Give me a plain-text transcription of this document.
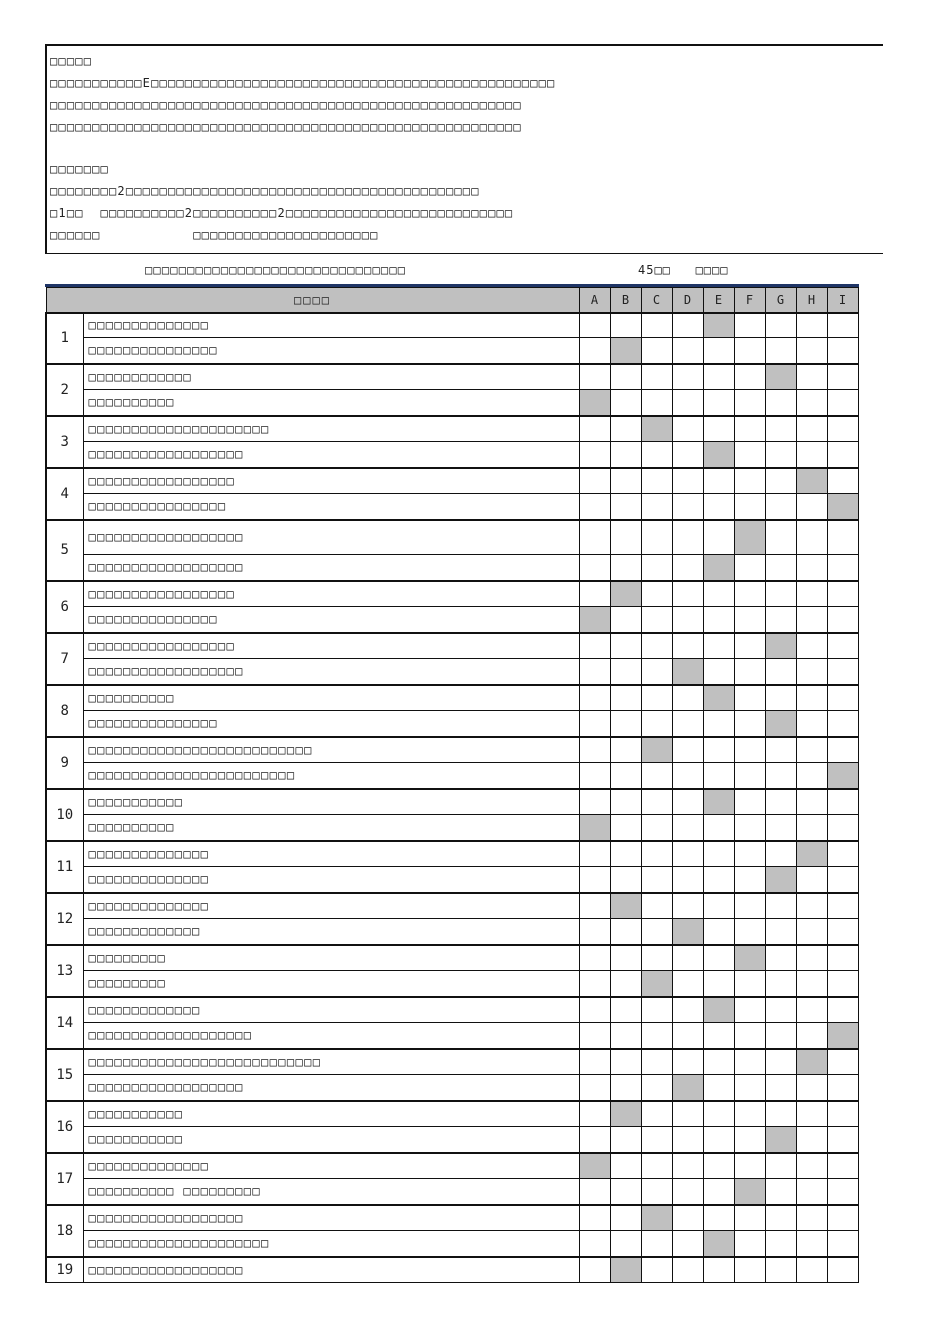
□□□□□
□□□□□□□□□□□E□□□□□□□□□□□□□□□□□□□□□□□□□□□□□□□□□□□□□□□□□□□□□□□□
□□□□□□□□□□□□□□□□□□□□□□□□□□□□□□□□□□□□□□□□□□□□□□□□□□□□□□□□
□□□□□□□□□□□□□□□□□□□□□□□□□□□□□□□□□□□□□□□□□□□□□□□□□□□□□□□□
□□□□□□□
□□□□□□□□2□□□□□□□□□□□□□□□□□□□□□□□□□□□□□□□□□□□□□□□□□□
□1□□  □□□□□□□□□□2□□□□□□□□□□2□□□□□□□□□□□□□□□□□□□□□□□□□□□
□□□□□□           □□□□□□□□□□□□□□□□□□□□□□
□□□□□□□□□□□□□□□□□□□□□□□□□□□□□□□	45□□   □□□□
□□□□		A	B	C	D	E	F	G	H	I
1	□□□□□□□□□□□□□□									
	□□□□□□□□□□□□□□□									
2	□□□□□□□□□□□□									
	□□□□□□□□□□									
3	□□□□□□□□□□□□□□□□□□□□□									
	□□□□□□□□□□□□□□□□□□									
4	□□□□□□□□□□□□□□□□□									
	□□□□□□□□□□□□□□□□									
5	□□□□□□□□□□□□□□□□□□									
	□□□□□□□□□□□□□□□□□□									
6	□□□□□□□□□□□□□□□□□									
	□□□□□□□□□□□□□□□									
7	□□□□□□□□□□□□□□□□□									
	□□□□□□□□□□□□□□□□□□									
8	□□□□□□□□□□									
	□□□□□□□□□□□□□□□									
9	□□□□□□□□□□□□□□□□□□□□□□□□□□									
	□□□□□□□□□□□□□□□□□□□□□□□□									
10	□□□□□□□□□□□									
	□□□□□□□□□□									
11	□□□□□□□□□□□□□□									
	□□□□□□□□□□□□□□									
12	□□□□□□□□□□□□□□									
	□□□□□□□□□□□□□									
13	□□□□□□□□□									
	□□□□□□□□□									
14	□□□□□□□□□□□□□									
	□□□□□□□□□□□□□□□□□□□									
15	□□□□□□□□□□□□□□□□□□□□□□□□□□□									
	□□□□□□□□□□□□□□□□□□									
16	□□□□□□□□□□□									
	□□□□□□□□□□□									
17	□□□□□□□□□□□□□□									
	□□□□□□□□□□ □□□□□□□□□									
18	□□□□□□□□□□□□□□□□□□									
	□□□□□□□□□□□□□□□□□□□□□									
19	□□□□□□□□□□□□□□□□□□									
